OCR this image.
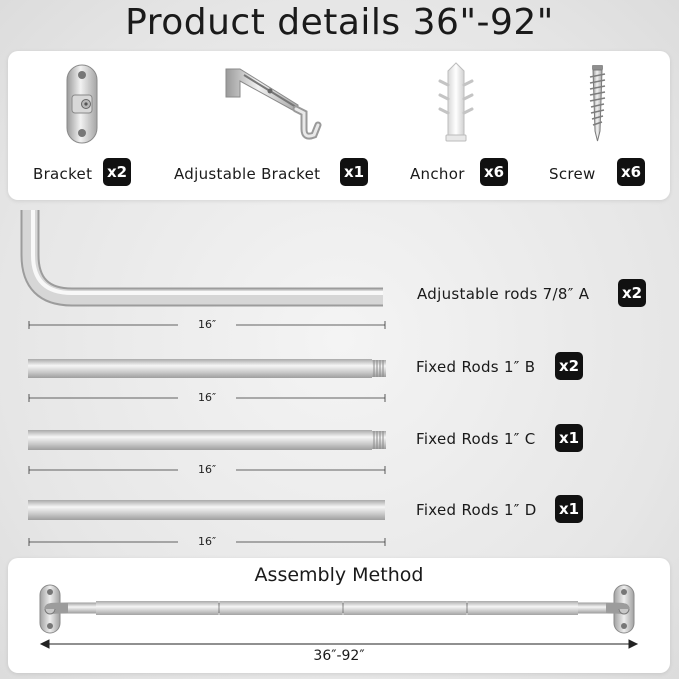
Product details 36"-92"
Bracket x2	Adjustable Bracket x1	Anchor x6	Screw x6
16″
16″
16″
16″
Adjustable rods 7/8″ A x2
Fixed Rods 1″ B x2
Fixed Rods 1″ C x1
Fixed Rods 1″ D x1
Assembly Method
36″-92″
